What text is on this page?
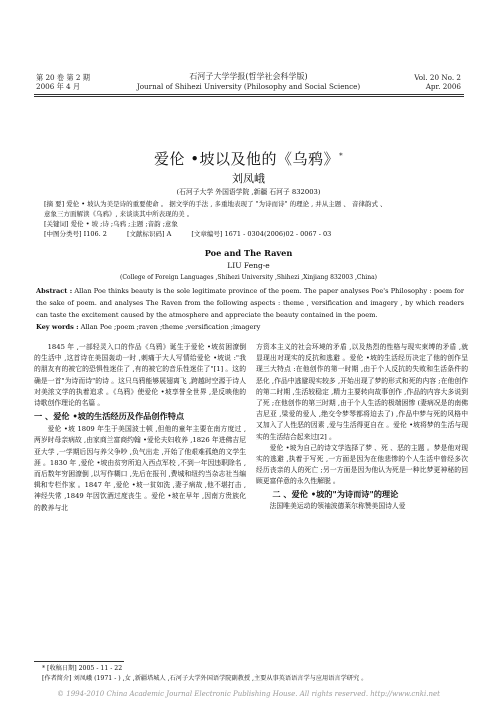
第 20 卷 第 2 期
2006 年 4 月
石河子大学学报(哲学社会科学版)
Journal of Shihezi University (Philosophy and Social Science)
Vol. 20 No. 2
Apr. 2006
爱伦 •坡以及他的《乌鸦》*
刘凤峨
(石河子大学 外国语学院 ,新疆 石河子 832003)
[摘 要] 爱伦 • 坡认为美是诗的重要使命 。 据文学的手法 , 多重地表现了 "为诗而诗" 的理论 , 并从主题 、 音律韵式 、
意象三方面解读《乌鸦》, 来谈谈其中所表现的美 。
[关键词] 爱伦 • 坡 ;诗 ;乌鸦 ;主题 ;音韵 ;意象
[中图分类号] I106. 2	[文献标识码] A	[文章编号] 1671 - 0304(2006)02 - 0067 - 03
Poe and The Raven
LIU Feng-e
(College of Foreign Languages ,Shihezi University ,Shihezi ,Xinjiang 832003 ,China)
Abstract : Allan Poe thinks beauty is the sole legitimate province of the poem. The paper analyses Poe's Philosophy : poem for the sake of poem. and analyses The Raven from the following aspects : theme , versification and imagery , by which readers can taste the excitement caused by the atmosphere and appreciate the beauty contained in the poem.
Key words : Allan Poe ;poem ;raven ;theme ;versification ;imagery

1845 年 ,一部轻灵入口的作品《乌鸦》诞生于爱伦 •坡贫困潦倒的生活中 ,这首诗在美国轰动一时 ,刺痛于大人写情给爱伦 •坡说 :"我的朋友有的被它的恐惧性迷住了 ,有的被它的音乐性迷住了"[1] 。这的确是一首"为诗而诗"的诗 。这只乌鸦能够展翅离飞 ,跨越时空源于诗人对美浓文学的执着追求 。《乌鸦》使爱伦 •坡享誉全世界 ,是反映他的诗歌创作理论的名篇 。

一 、爱伦 •坡的生活经历及作品创作特点

爱伦 •坡 1809 年生于美国波士顿 ,但他的童年主要在南方度过 ,两岁时母亲病故 ,由家商兰富商约翰 •爱伦夫妇收养 ,1826 年进佛吉尼亚大学 ,一学期后因与养父争吵 ,负气出走 ,开始了他艰难孤绝的文学生涯 。1830 年 ,爱伦 •坡由贫穷所迫入西点军校 ,不到一年因违职除名 ,而后数年穷困潦倒 ,以写作糊口 ,先后在报刊 ,费城和纽约当杂志社当编辑和专栏作家 。1847 年 ,爱伦 •坡一贫如洗 ,妻子病故 ,他不堪打击 ,神经失常 ,1849 年因饮酒过度丧生 。爱伦 •坡在早年 ,因南方贵族化的教养与北

方资本主义的社会环境的矛盾 ,以及热烈的性格与现实束缚的矛盾 ,就显现出对现实的反抗和逃避 。爱伦 •坡的生活经历决定了他的创作呈现三大特点 :在他创作的第一时期 ,由于个人反抗的失败和生活条件的恶化 ,作品中逃避现实较多 ,开始出现了梦的形式和死的内容 ;在他创作的第二时期 ,生活较稳定 ,精力主要转向故事创作 ,作品的内容大多说到了死 ;在他创作的第三时期 ,由于个人生活的极端困惨 (妻病况是的南佛吉尼亚 ,梁爱的爱人 ,绝交令梦琴都将迫去了) ,作品中梦与死的风格中又加入了人性恶的因素 ,爱与生活得更自在 。爱伦 •坡将梦的生活与现实的生活结合起来过[2] 。

爱伦 •坡为自己的诗文学选择了梦 、死 、恶的主题 。梦是他对现实的逃避 ,执着于写死 ,一方面是因为在他悲惨的个人生活中曾经多次经历丧亲的人的死亡 ;另一方面是因为他认为死是一种比梦更神秘的回顾更富佯意的永久性解脱 。

二 、爱伦 •坡的"为诗而诗"的理论

法国唯美运动的领袖波德莱尔称赞美国诗人爱

* [收稿日期] 2005 - 11 - 22
[作者简介] 刘凤峨 (1971 - ) ,女 ,新疆塔城人 ,石河子大学外国语学院副教授 ,主要从事英语语言学与应用语言学研究 。
© 1994-2010 China Academic Journal Electronic Publishing House. All rights reserved. http://www.cnki.net
